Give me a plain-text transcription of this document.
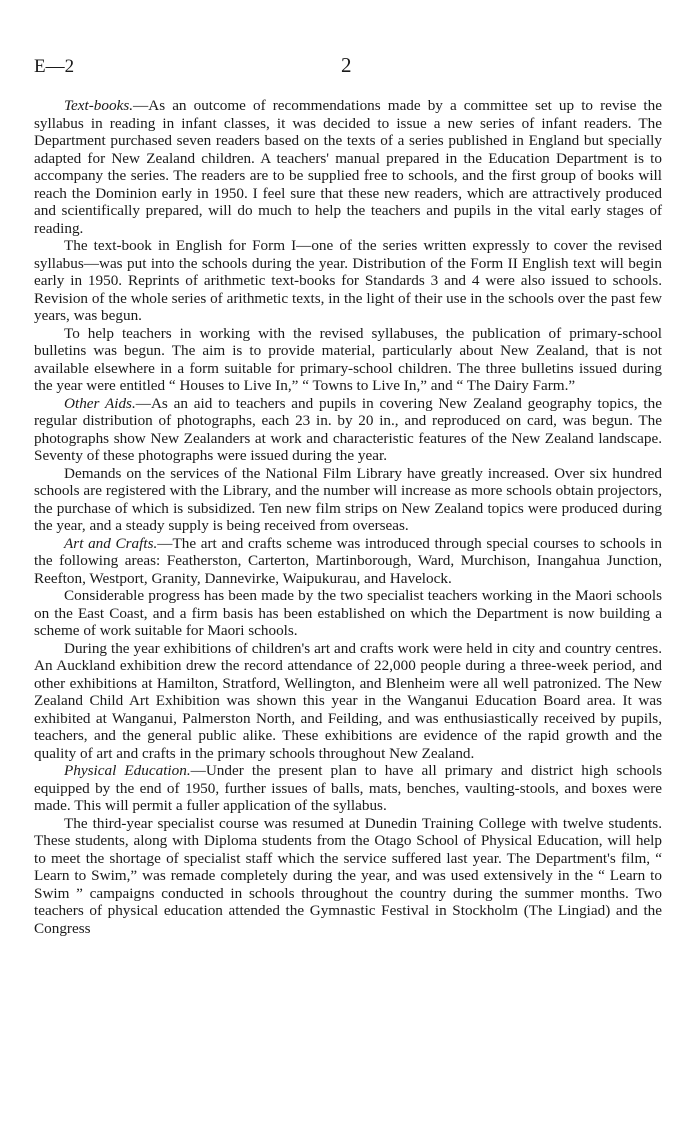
E—2	2

Text-books.—As an outcome of recommendations made by a committee set up to revise the syllabus in reading in infant classes, it was decided to issue a new series of infant readers. The Department purchased seven readers based on the texts of a series published in England but specially adapted for New Zealand children. A teachers' manual prepared in the Education Department is to accompany the series. The readers are to be supplied free to schools, and the first group of books will reach the Dominion early in 1950. I feel sure that these new readers, which are attractively produced and scientifically prepared, will do much to help the teachers and pupils in the vital early stages of reading.

The text-book in English for Form I—one of the series written expressly to cover the revised syllabus—was put into the schools during the year. Distribution of the Form II English text will begin early in 1950. Reprints of arithmetic text-books for Standards 3 and 4 were also issued to schools. Revision of the whole series of arithmetic texts, in the light of their use in the schools over the past few years, was begun.

To help teachers in working with the revised syllabuses, the publication of primary-school bulletins was begun. The aim is to provide material, particularly about New Zealand, that is not available elsewhere in a form suitable for primary-school children. The three bulletins issued during the year were entitled “ Houses to Live In,” “ Towns to Live In,” and “ The Dairy Farm.”

Other Aids.—As an aid to teachers and pupils in covering New Zealand geography topics, the regular distribution of photographs, each 23 in. by 20 in., and reproduced on card, was begun. The photographs show New Zealanders at work and characteristic features of the New Zealand landscape. Seventy of these photographs were issued during the year.

Demands on the services of the National Film Library have greatly increased. Over six hundred schools are registered with the Library, and the number will increase as more schools obtain projectors, the purchase of which is subsidized. Ten new film strips on New Zealand topics were produced during the year, and a steady supply is being received from overseas.

Art and Crafts.—The art and crafts scheme was introduced through special courses to schools in the following areas: Featherston, Carterton, Martinborough, Ward, Murchison, Inangahua Junction, Reefton, Westport, Granity, Dannevirke, Waipukurau, and Havelock.

Considerable progress has been made by the two specialist teachers working in the Maori schools on the East Coast, and a firm basis has been established on which the Department is now building a scheme of work suitable for Maori schools.

During the year exhibitions of children's art and crafts work were held in city and country centres. An Auckland exhibition drew the record attendance of 22,000 people during a three-week period, and other exhibitions at Hamilton, Stratford, Wellington, and Blenheim were all well patronized. The New Zealand Child Art Exhibition was shown this year in the Wanganui Education Board area. It was exhibited at Wanganui, Palmerston North, and Feilding, and was enthusiastically received by pupils, teachers, and the general public alike. These exhibitions are evidence of the rapid growth and the quality of art and crafts in the primary schools throughout New Zealand.

Physical Education.—Under the present plan to have all primary and district high schools equipped by the end of 1950, further issues of balls, mats, benches, vaulting-stools, and boxes were made. This will permit a fuller application of the syllabus.

The third-year specialist course was resumed at Dunedin Training College with twelve students. These students, along with Diploma students from the Otago School of Physical Education, will help to meet the shortage of specialist staff which the service suffered last year. The Department's film, “ Learn to Swim,” was remade completely during the year, and was used extensively in the “ Learn to Swim ” campaigns conducted in schools throughout the country during the summer months. Two teachers of physical education attended the Gymnastic Festival in Stockholm (The Lingiad) and the Congress
